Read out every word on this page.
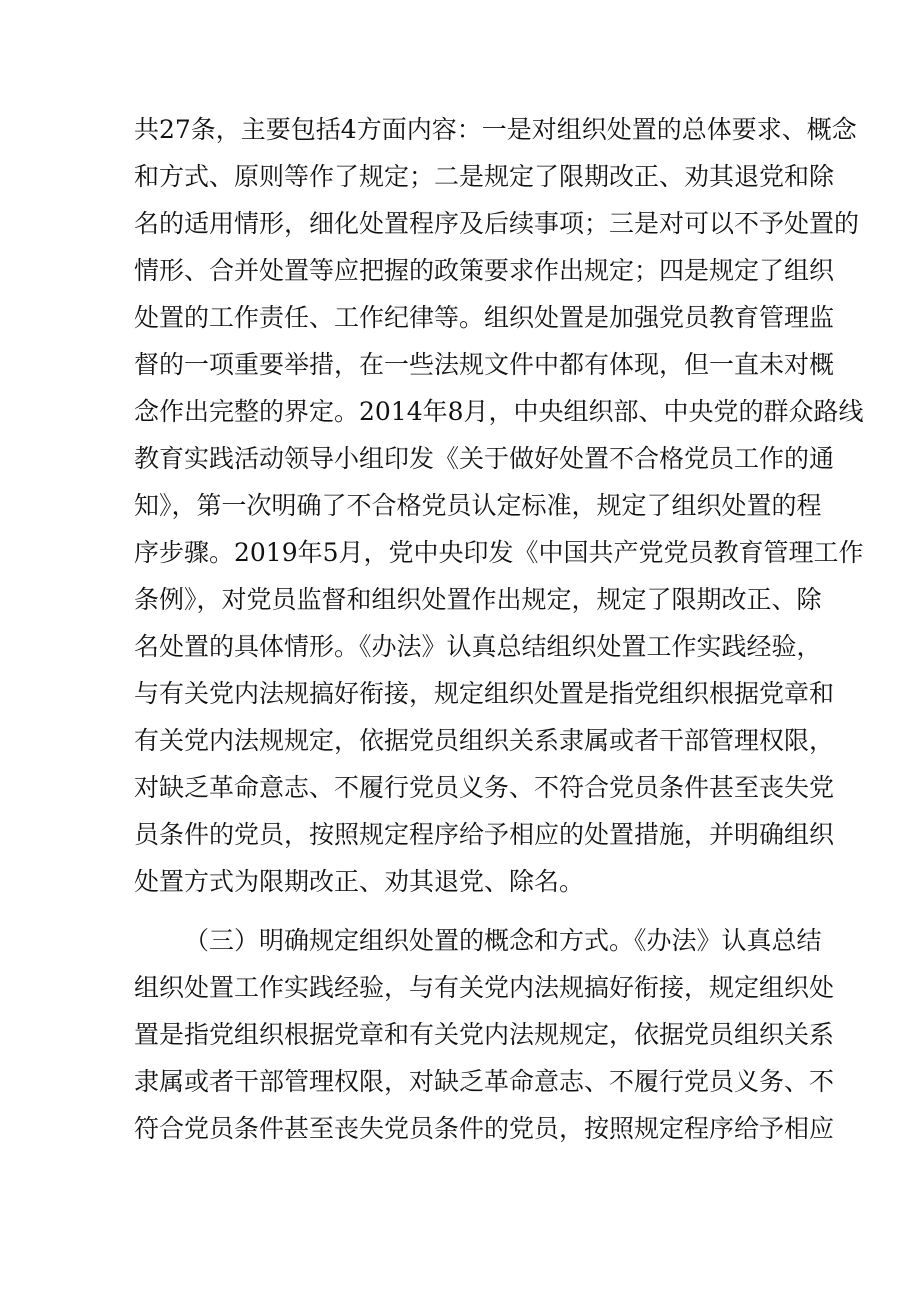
共27条，主要包括4方面内容：一是对组织处置的总体要求、概念
和方式、原则等作了规定；二是规定了限期改正、劝其退党和除
名的适用情形，细化处置程序及后续事项；三是对可以不予处置的
情形、合并处置等应把握的政策要求作出规定；四是规定了组织
处置的工作责任、工作纪律等。组织处置是加强党员教育管理监
督的一项重要举措，在一些法规文件中都有体现，但一直未对概
念作出完整的界定。2014年8月，中央组织部、中央党的群众路线
教育实践活动领导小组印发《关于做好处置不合格党员工作的通
知》，第一次明确了不合格党员认定标准，规定了组织处置的程
序步骤。2019年5月，党中央印发《中国共产党党员教育管理工作
条例》，对党员监督和组织处置作出规定，规定了限期改正、除
名处置的具体情形。《办法》认真总结组织处置工作实践经验，
与有关党内法规搞好衔接，规定组织处置是指党组织根据党章和
有关党内法规规定，依据党员组织关系隶属或者干部管理权限，
对缺乏革命意志、不履行党员义务、不符合党员条件甚至丧失党
员条件的党员，按照规定程序给予相应的处置措施，并明确组织
处置方式为限期改正、劝其退党、除名。
（三）明确规定组织处置的概念和方式。《办法》认真总结
组织处置工作实践经验，与有关党内法规搞好衔接，规定组织处
置是指党组织根据党章和有关党内法规规定，依据党员组织关系
隶属或者干部管理权限，对缺乏革命意志、不履行党员义务、不
符合党员条件甚至丧失党员条件的党员，按照规定程序给予相应
